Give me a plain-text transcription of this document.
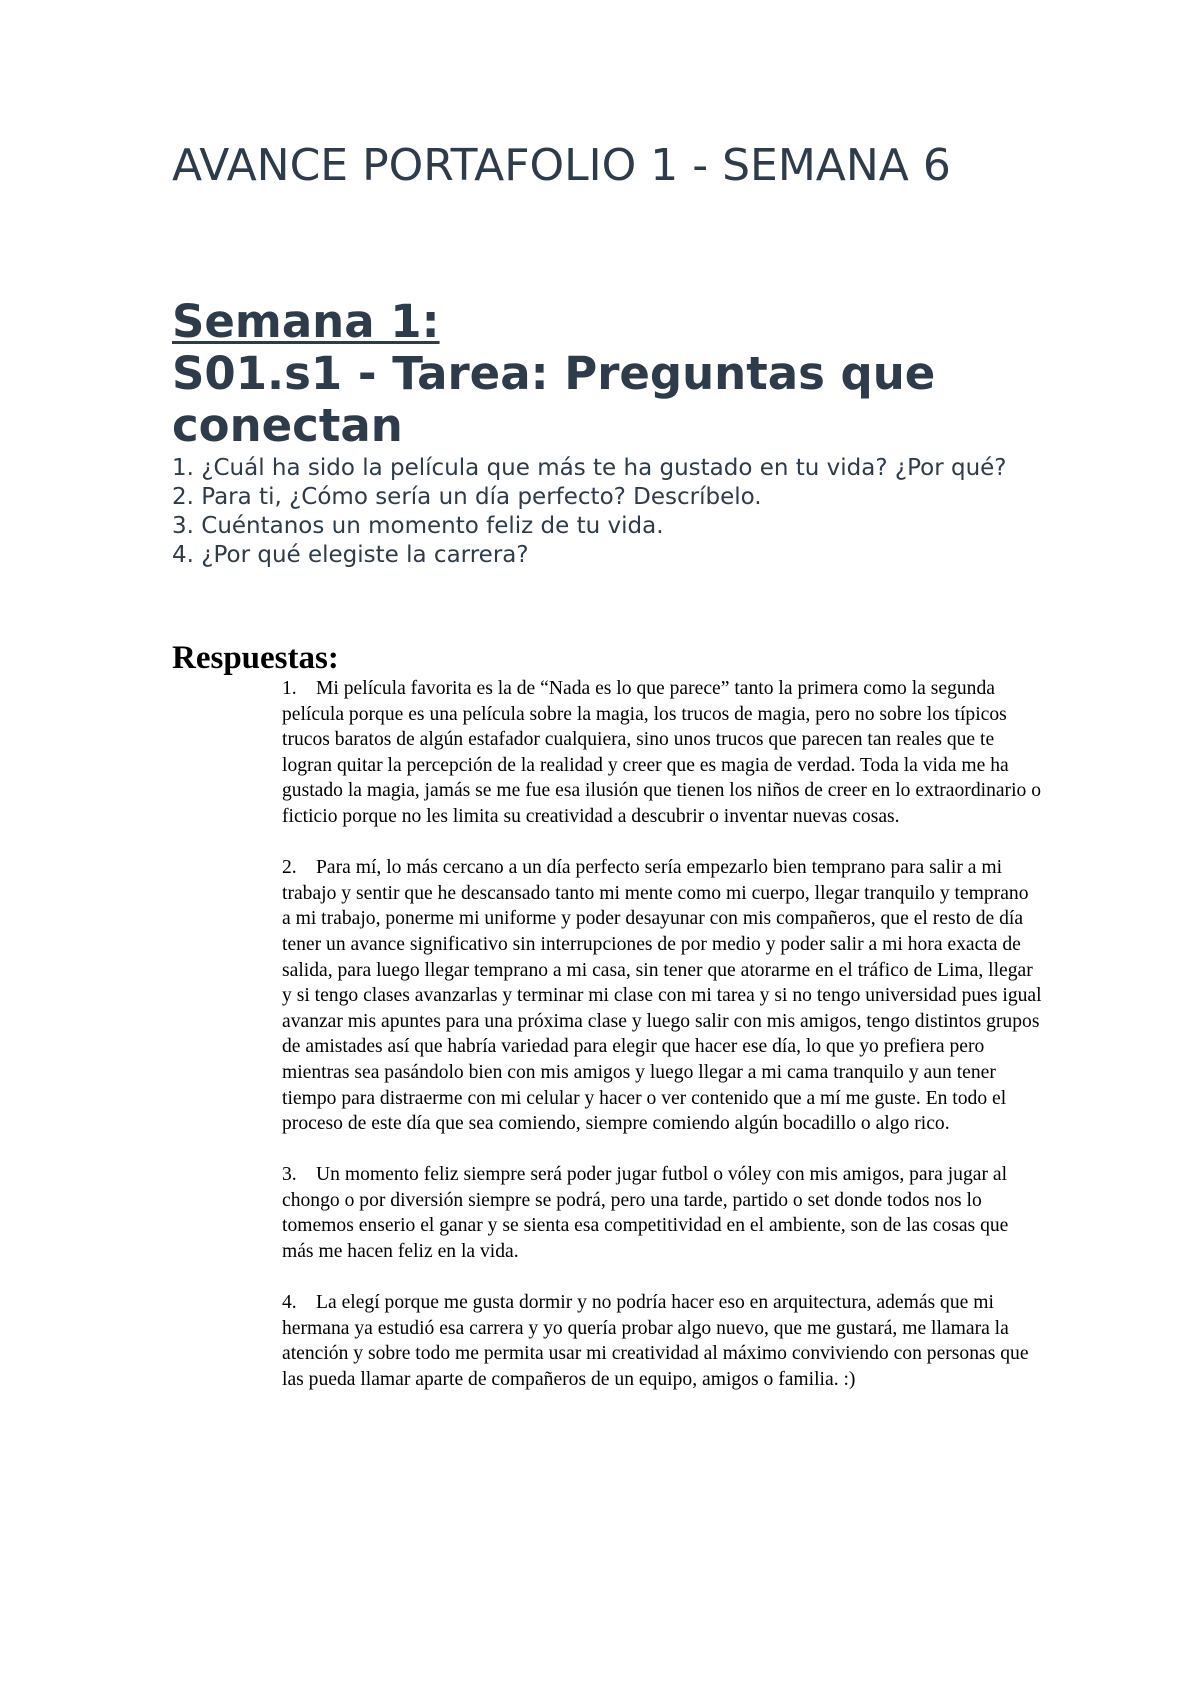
AVANCE PORTAFOLIO 1 - SEMANA 6
Semana 1:
S01.s1 - Tarea: Preguntas que conectan
1. ¿Cuál ha sido la película que más te ha gustado en tu vida? ¿Por qué?
2. Para ti, ¿Cómo sería un día perfecto? Descríbelo.
3. Cuéntanos un momento feliz de tu vida.
4. ¿Por qué elegiste la carrera?
Respuestas:
1. Mi película favorita es la de “Nada es lo que parece” tanto la primera como la segunda película porque es una película sobre la magia, los trucos de magia, pero no sobre los típicos trucos baratos de algún estafador cualquiera, sino unos trucos que parecen tan reales que te logran quitar la percepción de la realidad y creer que es magia de verdad. Toda la vida me ha gustado la magia, jamás se me fue esa ilusión que tienen los niños de creer en lo extraordinario o ficticio porque no les limita su creatividad a descubrir o inventar nuevas cosas.
2. Para mí, lo más cercano a un día perfecto sería empezarlo bien temprano para salir a mi trabajo y sentir que he descansado tanto mi mente como mi cuerpo, llegar tranquilo y temprano a mi trabajo, ponerme mi uniforme y poder desayunar con mis compañeros, que el resto de día tener un avance significativo sin interrupciones de por medio y poder salir a mi hora exacta de salida, para luego llegar temprano a mi casa, sin tener que atorarme en el tráfico de Lima, llegar y si tengo clases avanzarlas y terminar mi clase con mi tarea y si no tengo universidad pues igual avanzar mis apuntes para una próxima clase y luego salir con mis amigos, tengo distintos grupos de amistades así que habría variedad para elegir que hacer ese día, lo que yo prefiera pero mientras sea pasándolo bien con mis amigos y luego llegar a mi cama tranquilo y aun tener tiempo para distraerme con mi celular y hacer o ver contenido que a mí me guste. En todo el proceso de este día que sea comiendo, siempre comiendo algún bocadillo o algo rico.
3. Un momento feliz siempre será poder jugar futbol o vóley con mis amigos, para jugar al chongo o por diversión siempre se podrá, pero una tarde, partido o set donde todos nos lo tomemos enserio el ganar y se sienta esa competitividad en el ambiente, son de las cosas que más me hacen feliz en la vida.
4. La elegí porque me gusta dormir y no podría hacer eso en arquitectura, además que mi hermana ya estudió esa carrera y yo quería probar algo nuevo, que me gustará, me llamara la atención y sobre todo me permita usar mi creatividad al máximo conviviendo con personas que las pueda llamar aparte de compañeros de un equipo, amigos o familia. :)
